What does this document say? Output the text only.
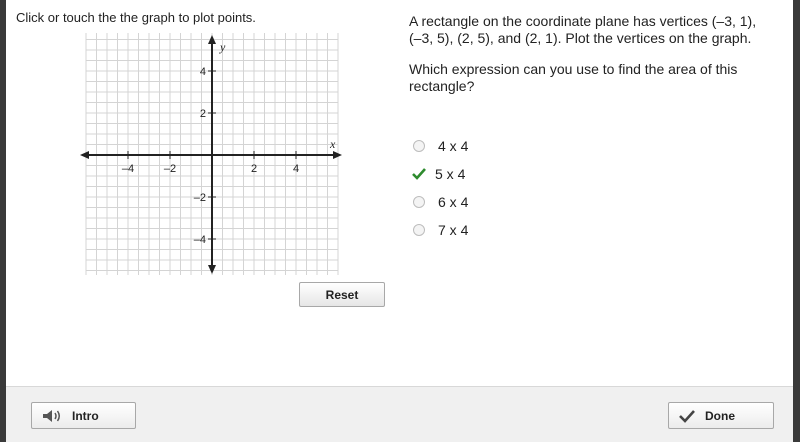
Click or touch the the graph to plot points.
x
y
–4	–2	2	4
4
2
–2
–4
Reset

A rectangle on the coordinate plane has vertices (–3, 1), (–3, 5), (2, 5), and (2, 1). Plot the vertices on the graph.

Which expression can you use to find the area of this rectangle?

4 x 4
5 x 4
6 x 4
7 x 4
Intro	Done
